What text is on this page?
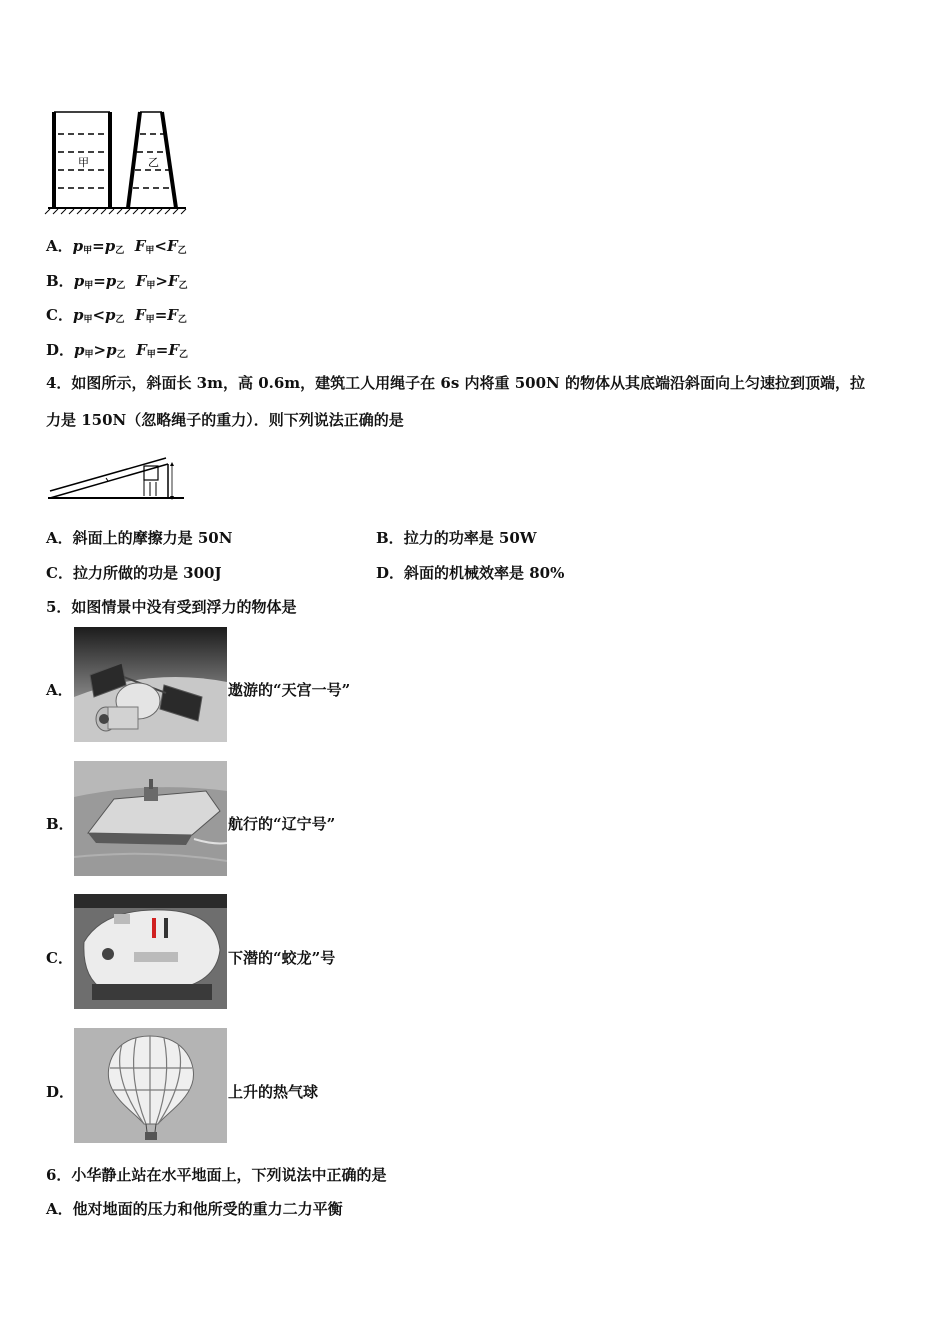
甲	乙
A．$p_甲=p_乙$ $F_甲<F_乙$
B．$p_甲=p_乙$ $F_甲>F_乙$
C．$p_甲<p_乙$ $F_甲=F_乙$
D．$p_甲>p_乙$ $F_甲=F_乙$
4．如图所示，斜面长 3m，高 0.6m，建筑工人用绳子在 6s 内将重 500N 的物体从其底端沿斜面向上匀速拉到顶端，拉
力是 150N（忽略绳子的重力）．则下列说法正确的是
A．斜面上的摩擦力是 50N	B．拉力的功率是 50W
C．拉力所做的功是 300J	D．斜面的机械效率是 80%
5．如图情景中没有受到浮力的物体是
A．	遨游的“天宫一号”
B．	航行的“辽宁号”
C．	下潜的“蛟龙”号
D．	上升的热气球
6．小华静止站在水平地面上，下列说法中正确的是
A．他对地面的压力和他所受的重力二力平衡
